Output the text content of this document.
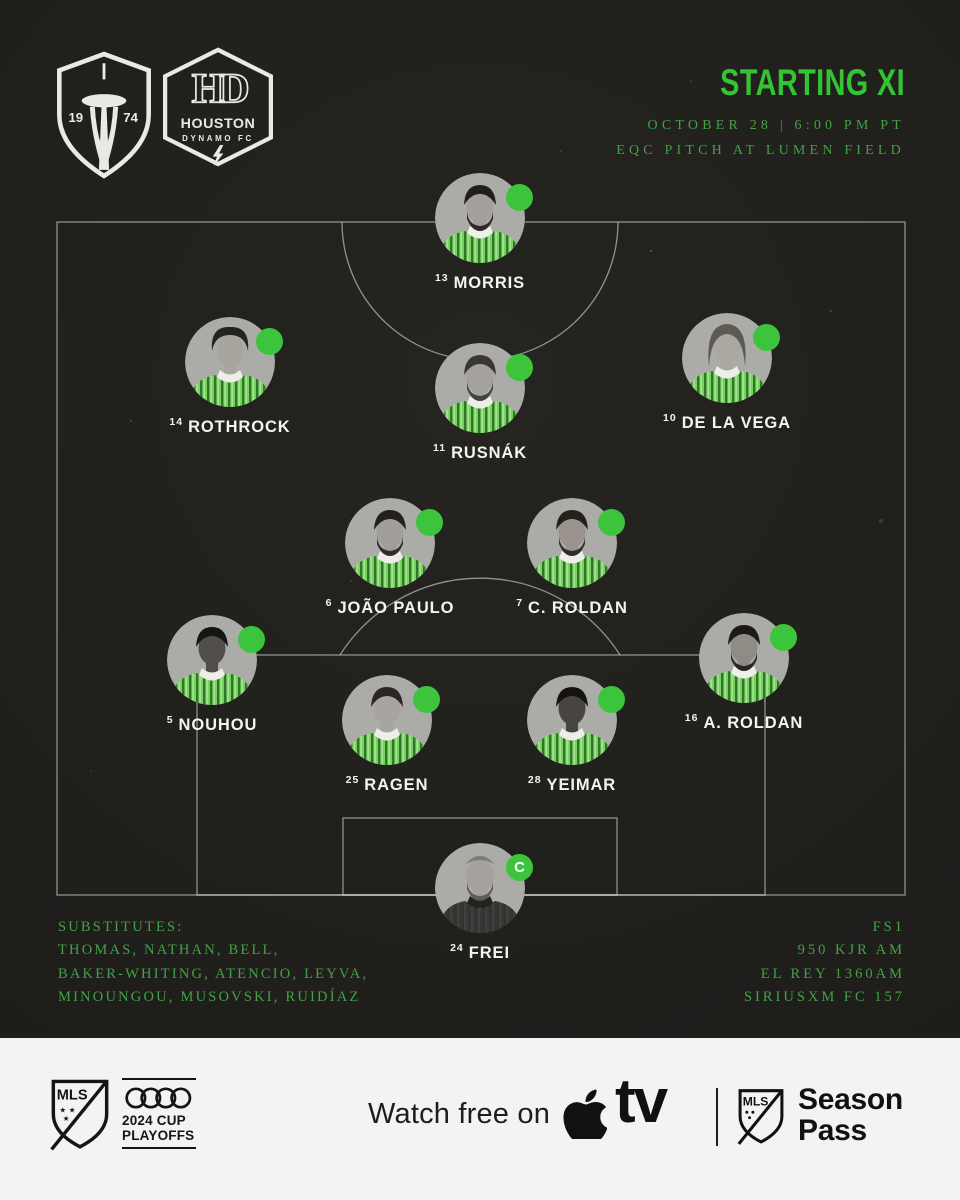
19	74
HD
HOUSTON
DYNAMO FC
STARTING XI
OCTOBER 28 | 6:00 PM PT
EQC PITCH AT LUMEN FIELD
$^{13}$ MORRIS
$^{14}$ ROTHROCK
$^{11}$ RUSNÁK
$^{10}$ DE LA VEGA
$^6$ JOÃO PAULO	$^7$ C. ROLDAN
$^5$ NOUHOU	$^{16}$ A. ROLDAN
$^{25}$ RAGEN	$^{28}$ YEIMAR
C
$^{24}$ FREI
SUBSTITUTES:
THOMAS, NATHAN, BELL,
BAKER-WHITING, ATENCIO, LEYVA,
MINOUNGOU, MUSOVSKI, RUIDÍAZ
FS1
950 KJR AM
EL REY 1360AM
SIRIUSXM FC 157
MLS
★ ★
★	2024 CUP
PLAYOFFS
Watch free on tv	MLS Season
Pass
